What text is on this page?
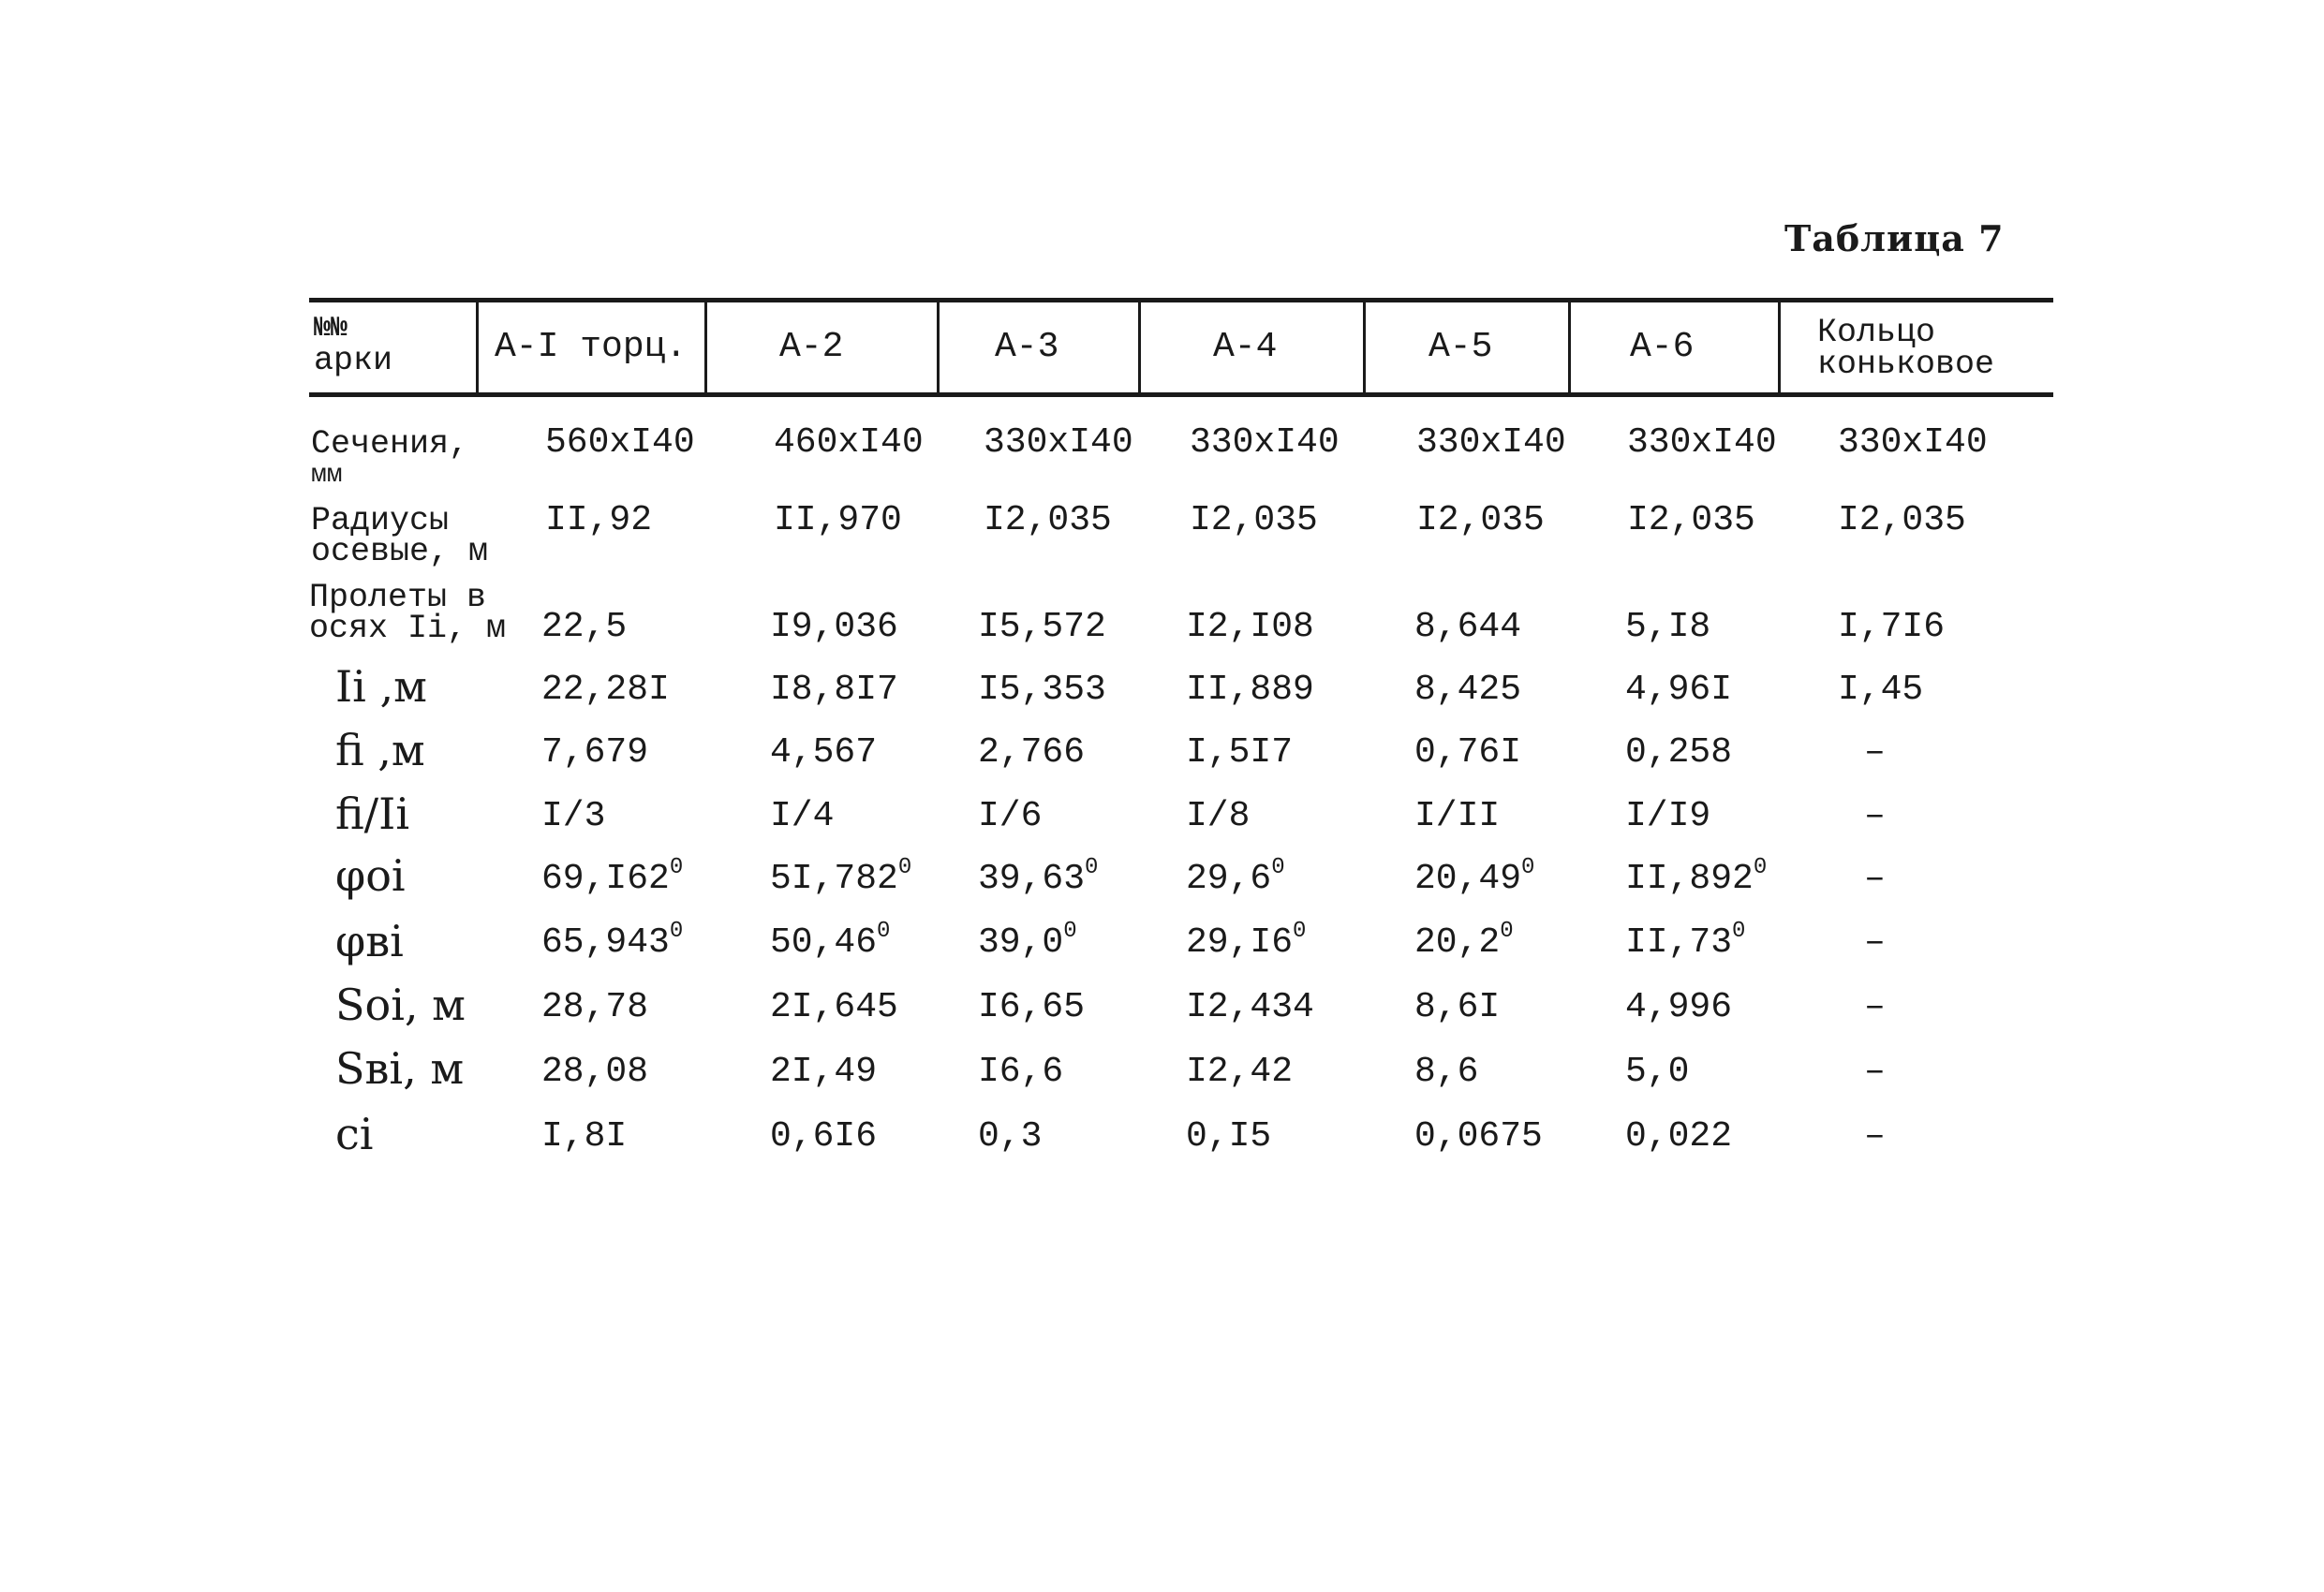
Таблица 7
№№
арки	А-I торц.	А-2	А-3	А-4	А-5	А-6	Кольцо
коньковое
Сечения,
мм
560xI40 460xI40 330xI40 330xI40 330xI40 330xI40 330xI40
Радиусы
осевые, м
II,92	II,970 I2,035 I2,035	I2,035 I2,035 I2,035
Пролеты в
осях Ii, м 22,5	I9,036 I5,572 I2,I08	8,644	5,I8	I,7I6
Ii ,м	22,28I	I8,8I7 I5,353 II,889	8,425	4,96I	I,45
fi ,м	7,679	4,567	2,766	I,5I7	0,76I	0,258	–
fi/Ii	I/3	I/4	I/6	I/8	I/II	I/I9	–
φoi	$69,I62^0$ 5I,782$^0$ 39,63$^0$ 29,6$^0$	20,49$^0$	II,892$^0$	–
φвi	65,943$^0$ 50,46$^0$ 39,0$^0$	$29,I6^0$	20,2$^0$	$II,73^0$	–
Soi, м 28,78	2I,645 I6,65	I2,434	8,6I	4,996	–
Sвi, м 28,08	2I,49	I6,6	I2,42	8,6	5,0	–
ci	I,8I	0,6I6	0,3	0,I5	0,0675 0,022	–
